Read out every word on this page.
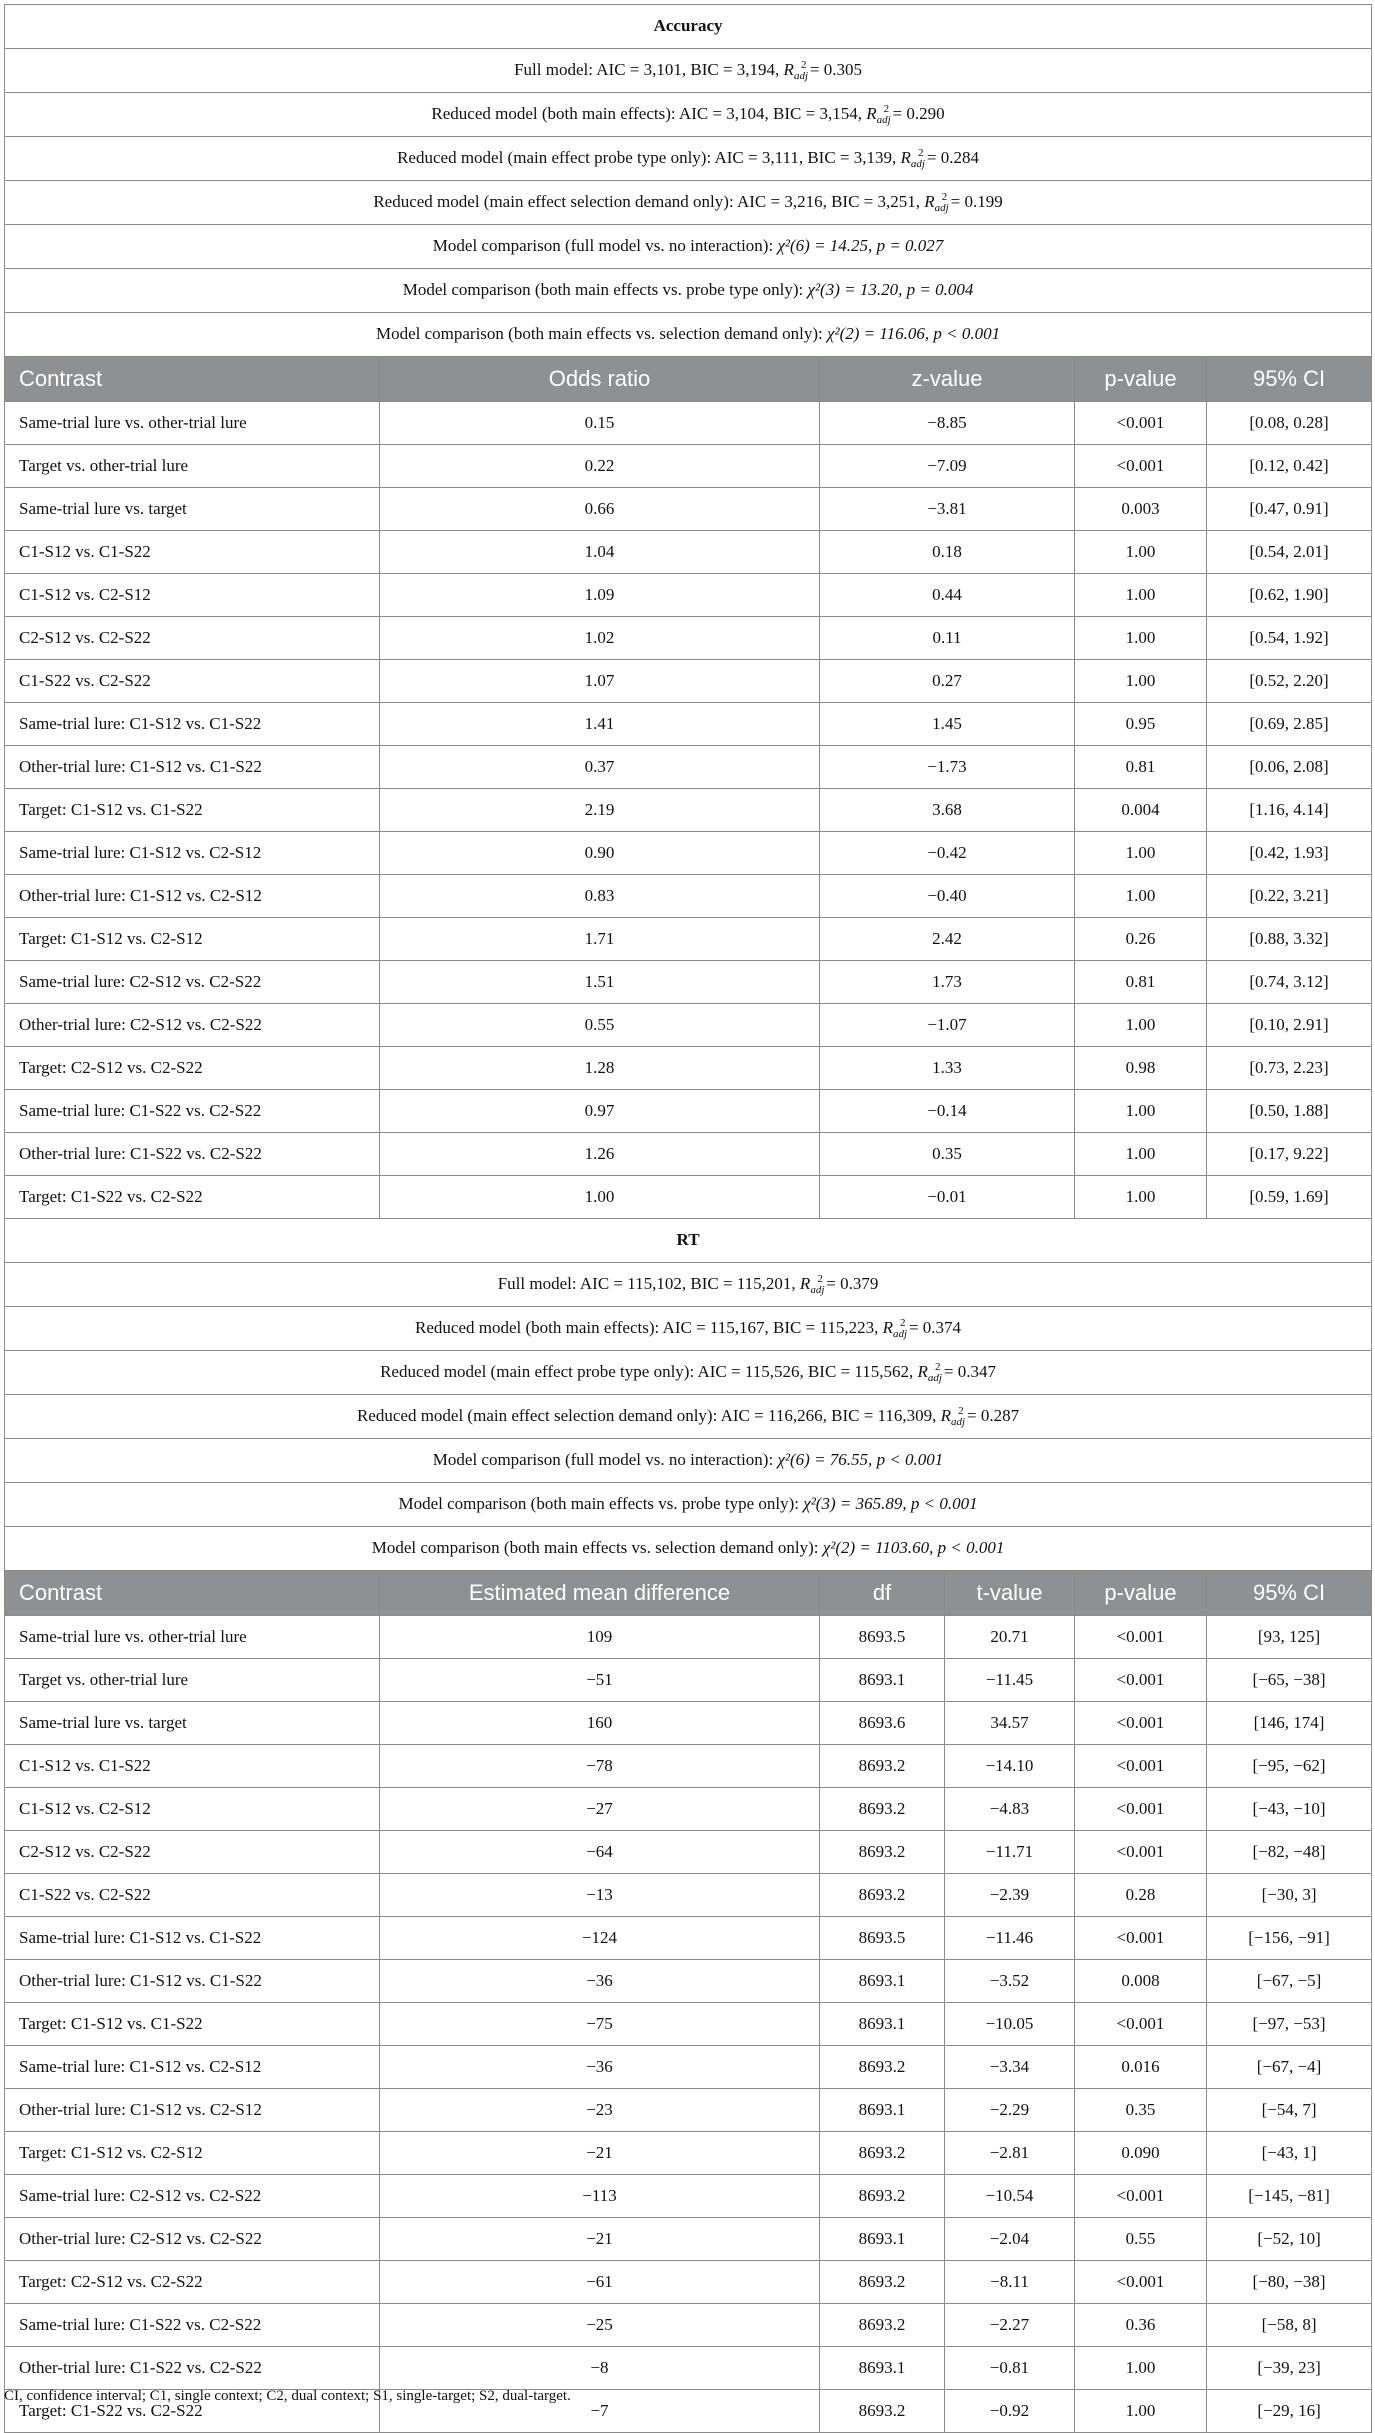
Accuracy					
Full model: AIC = 3,101, BIC = 3,194, $R_{adj}^2 = 0.305$					
Reduced model (both main effects): AIC = 3,104, BIC = 3,154, $R_{adj}^2 = 0.290$					
Reduced model (main effect probe type only): AIC = 3,111, BIC = 3,139, $R_{adj}^2 = 0.284$					
Reduced model (main effect selection demand only): AIC = 3,216, BIC = 3,251, $R_{adj}^2 = 0.199$					
Model comparison (full model vs. no interaction): χ²(6) = 14.25, p = 0.027					
Model comparison (both main effects vs. probe type only): χ²(3) = 13.20, p = 0.004					
Model comparison (both main effects vs. selection demand only): χ²(2) = 116.06, p < 0.001					
Contrast	Odds ratio	z-value		p-value	95% CI
Same-trial lure vs. other-trial lure	0.15	−8.85		<0.001	[0.08, 0.28]
Target vs. other-trial lure	0.22	−7.09		<0.001	[0.12, 0.42]
Same-trial lure vs. target	0.66	−3.81		0.003	[0.47, 0.91]
C1-S12 vs. C1-S22	1.04	0.18		1.00	[0.54, 2.01]
C1-S12 vs. C2-S12	1.09	0.44		1.00	[0.62, 1.90]
C2-S12 vs. C2-S22	1.02	0.11		1.00	[0.54, 1.92]
C1-S22 vs. C2-S22	1.07	0.27		1.00	[0.52, 2.20]
Same-trial lure: C1-S12 vs. C1-S22	1.41	1.45		0.95	[0.69, 2.85]
Other-trial lure: C1-S12 vs. C1-S22	0.37	−1.73		0.81	[0.06, 2.08]
Target: C1-S12 vs. C1-S22	2.19	3.68		0.004	[1.16, 4.14]
Same-trial lure: C1-S12 vs. C2-S12	0.90	−0.42		1.00	[0.42, 1.93]
Other-trial lure: C1-S12 vs. C2-S12	0.83	−0.40		1.00	[0.22, 3.21]
Target: C1-S12 vs. C2-S12	1.71	2.42		0.26	[0.88, 3.32]
Same-trial lure: C2-S12 vs. C2-S22	1.51	1.73		0.81	[0.74, 3.12]
Other-trial lure: C2-S12 vs. C2-S22	0.55	−1.07		1.00	[0.10, 2.91]
Target: C2-S12 vs. C2-S22	1.28	1.33		0.98	[0.73, 2.23]
Same-trial lure: C1-S22 vs. C2-S22	0.97	−0.14		1.00	[0.50, 1.88]
Other-trial lure: C1-S22 vs. C2-S22	1.26	0.35		1.00	[0.17, 9.22]
Target: C1-S22 vs. C2-S22	1.00	−0.01		1.00	[0.59, 1.69]
RT					
Full model: AIC = 115,102, BIC = 115,201, $R_{adj}^2 = 0.379$					
Reduced model (both main effects): AIC = 115,167, BIC = 115,223, $R_{adj}^2 = 0.374$					
Reduced model (main effect probe type only): AIC = 115,526, BIC = 115,562, $R_{adj}^2 = 0.347$					
Reduced model (main effect selection demand only): AIC = 116,266, BIC = 116,309, $R_{adj}^2 = 0.287$					
Model comparison (full model vs. no interaction): χ²(6) = 76.55, p < 0.001					
Model comparison (both main effects vs. probe type only): χ²(3) = 365.89, p < 0.001					
Model comparison (both main effects vs. selection demand only): χ²(2) = 1103.60, p < 0.001					
Contrast	Estimated mean difference	df	t-value	p-value	95% CI
Same-trial lure vs. other-trial lure	109	8693.5	20.71	<0.001	[93, 125]
Target vs. other-trial lure	−51	8693.1	−11.45	<0.001	[−65, −38]
Same-trial lure vs. target	160	8693.6	34.57	<0.001	[146, 174]
C1-S12 vs. C1-S22	−78	8693.2	−14.10	<0.001	[−95, −62]
C1-S12 vs. C2-S12	−27	8693.2	−4.83	<0.001	[−43, −10]
C2-S12 vs. C2-S22	−64	8693.2	−11.71	<0.001	[−82, −48]
C1-S22 vs. C2-S22	−13	8693.2	−2.39	0.28	[−30, 3]
Same-trial lure: C1-S12 vs. C1-S22	−124	8693.5	−11.46	<0.001	[−156, −91]
Other-trial lure: C1-S12 vs. C1-S22	−36	8693.1	−3.52	0.008	[−67, −5]
Target: C1-S12 vs. C1-S22	−75	8693.1	−10.05	<0.001	[−97, −53]
Same-trial lure: C1-S12 vs. C2-S12	−36	8693.2	−3.34	0.016	[−67, −4]
Other-trial lure: C1-S12 vs. C2-S12	−23	8693.1	−2.29	0.35	[−54, 7]
Target: C1-S12 vs. C2-S12	−21	8693.2	−2.81	0.090	[−43, 1]
Same-trial lure: C2-S12 vs. C2-S22	−113	8693.2	−10.54	<0.001	[−145, −81]
Other-trial lure: C2-S12 vs. C2-S22	−21	8693.1	−2.04	0.55	[−52, 10]
Target: C2-S12 vs. C2-S22	−61	8693.2	−8.11	<0.001	[−80, −38]
Same-trial lure: C1-S22 vs. C2-S22	−25	8693.2	−2.27	0.36	[−58, 8]
Other-trial lure: C1-S22 vs. C2-S22	−8	8693.1	−0.81	1.00	[−39, 23]
Target: C1-S22 vs. C2-S22	−7	8693.2	−0.92	1.00	[−29, 16]
CI, confidence interval; C1, single context; C2, dual context; S1, single-target; S2, dual-target.
